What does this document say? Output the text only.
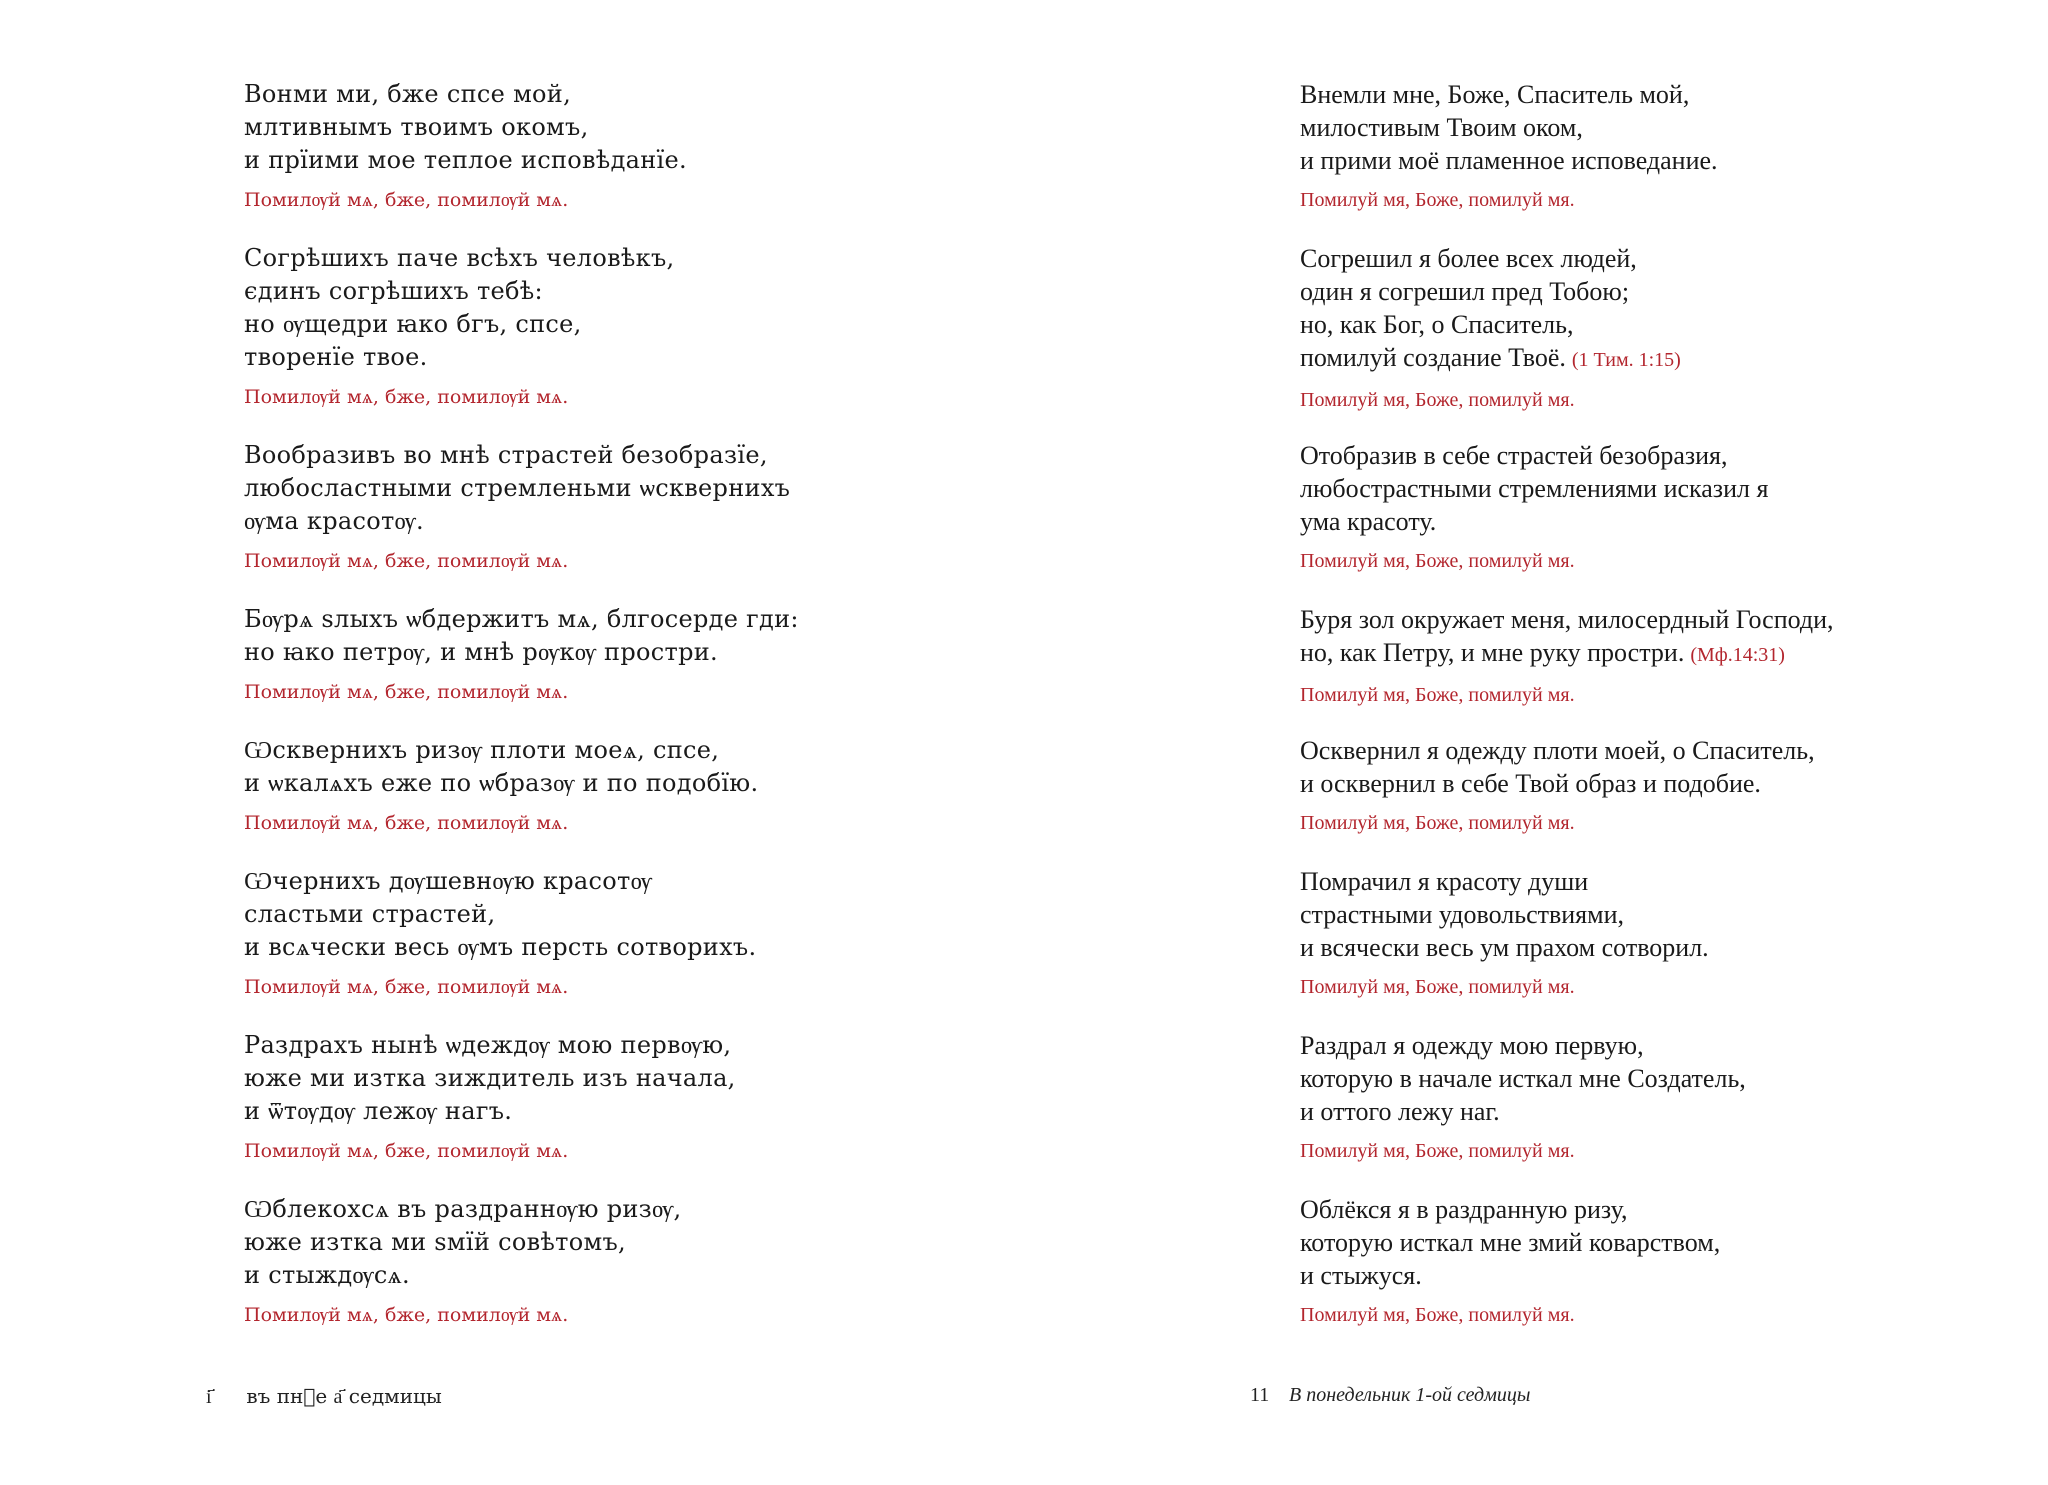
Вонми ми, бже спсе мой,
млтивнымъ твоимъ окомъ,
и прїими мое теплое исповѣданїе.
Помилѹй мѧ, бже, помилѹй мѧ.
Согрѣшихъ паче всѣхъ человѣкъ,
єдинъ согрѣшихъ тебѣ:
но ѹщедри ꙗко бгъ, спсе,
творенїе твое.
Помилѹй мѧ, бже, помилѹй мѧ.
Вообразивъ во мнѣ страстей безобразїе,
любосластными стремленьми ѡсквернихъ
ѹма красотѹ.
Помилѹй мѧ, бже, помилѹй мѧ.
Бѹрѧ ѕлыхъ ѡбдержитъ мѧ, блгосерде гди:
но ꙗко петрѹ, и мнѣ рѹкѹ простри.
Помилѹй мѧ, бже, помилѹй мѧ.
Ѡсквернихъ ризѹ плоти моеѧ, спсе,
и ѡкалѧхъ еже по ѡбразѹ и по подобїю.
Помилѹй мѧ, бже, помилѹй мѧ.
Ѡчернихъ дѹшевнѹю красотѹ
сластьми страстей,
и всѧчески весь ѹмъ персть сотворихъ.
Помилѹй мѧ, бже, помилѹй мѧ.
Раздрахъ нынѣ ѡдеждѹ мою первѹю,
юже ми изтка зиждитель изъ начала,
и ѿтѹдѹ лежѹ нагъ.
Помилѹй мѧ, бже, помилѹй мѧ.
Ѡблекохсѧ въ раздраннѹю ризѹ,
юже изтка ми ѕмїй совѣтомъ,
и стыждѹсѧ.
Помилѹй мѧ, бже, помилѹй мѧ.
і҃ въ пнⷣе а҃ седмицы
Внемли мне, Боже, Спаситель мой,
милостивым Твоим оком,
и прими моё пламенное исповедание.
Помилуй мя, Боже, помилуй мя.
Согрешил я более всех людей,
один я согрешил пред Тобою;
но, как Бог, о Спаситель,
помилуй создание Твоё. (1 Тим. 1:15)
Помилуй мя, Боже, помилуй мя.
Отобразив в себе страстей безобразия,
любострастными стремлениями исказил я
ума красоту.
Помилуй мя, Боже, помилуй мя.
Буря зол окружает меня, милосердный Господи,
но, как Петру, и мне руку простри. (Мф.14:31)
Помилуй мя, Боже, помилуй мя.
Осквернил я одежду плоти моей, о Спаситель,
и осквернил в себе Твой образ и подобие.
Помилуй мя, Боже, помилуй мя.
Помрачил я красоту души
страстными удовольствиями,
и всячески весь ум прахом сотворил.
Помилуй мя, Боже, помилуй мя.
Раздрал я одежду мою первую,
которую в начале исткал мне Создатель,
и оттого лежу наг.
Помилуй мя, Боже, помилуй мя.
Облёкся я в раздранную ризу,
которую исткал мне змий коварством,
и стыжуся.
Помилуй мя, Боже, помилуй мя.
11 В понедельник 1-ой седмицы
